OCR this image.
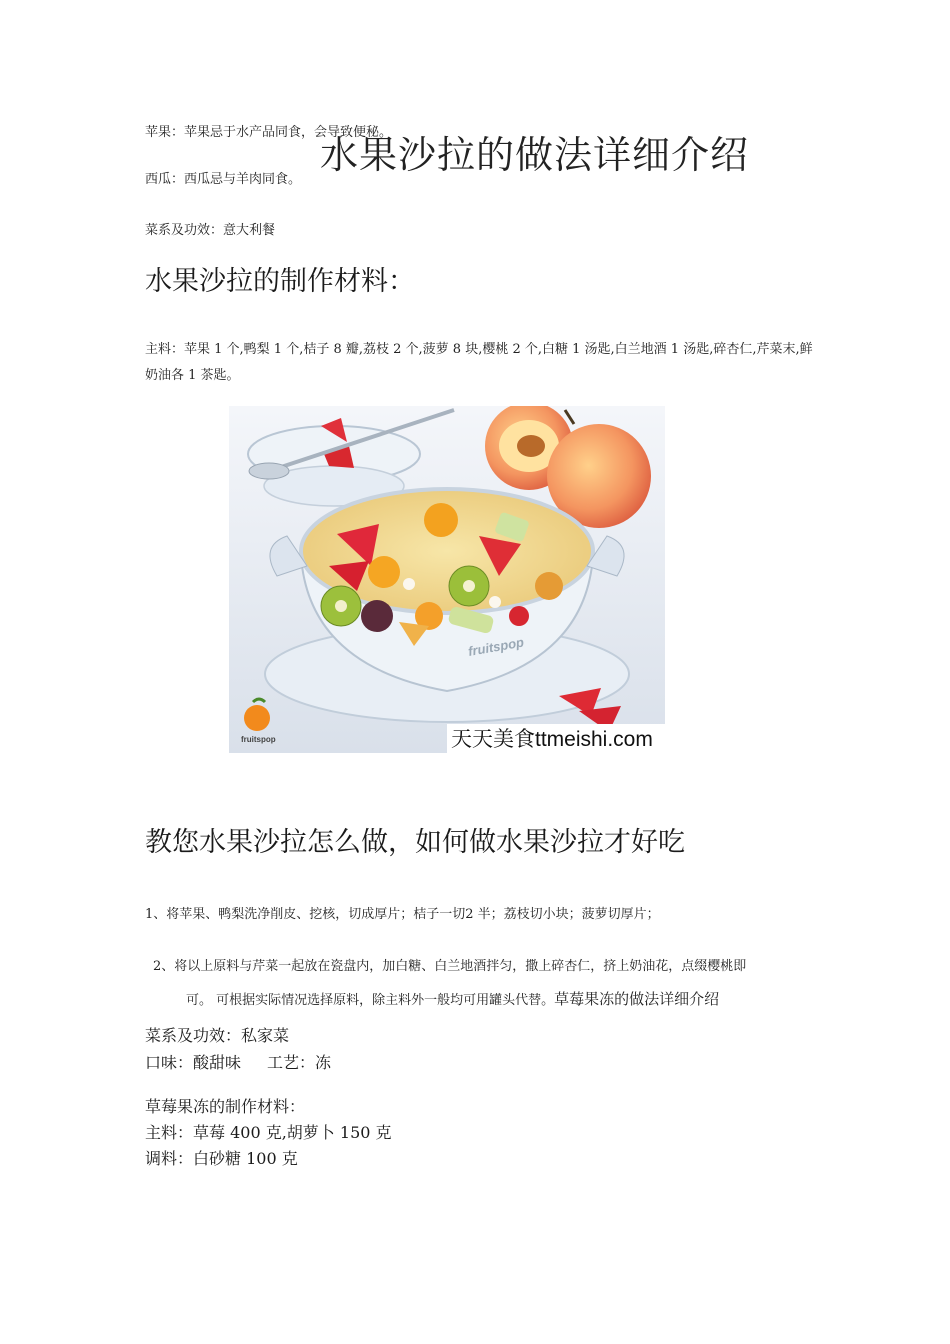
苹果：苹果忌于水产品同食，会导致便秘。
水果沙拉的做法详细介绍
西瓜：西瓜忌与羊肉同食。
菜系及功效：意大利餐
水果沙拉的制作材料：
主料：苹果 1 个,鸭梨 1 个,桔子 8 瓣,荔枝 2 个,菠萝 8 块,樱桃 2 个,白糖 1 汤匙,白兰地酒 1 汤匙,碎杏仁,芹菜末,鲜奶油各 1 茶匙。
fruitspop
fruitspop	天天美食ttmeishi.com
教您水果沙拉怎么做，如何做水果沙拉才好吃
1、将苹果、鸭梨洗净削皮、挖核，切成厚片；桔子一切2 半；荔枝切小块；菠萝切厚片；
2、将以上原料与芹菜一起放在瓷盘内，加白糖、白兰地酒拌匀，撒上碎杏仁，挤上奶油花，点缀樱桃即
可。 可根据实际情况选择原料，除主料外一般均可用罐头代替。草莓果冻的做法详细介绍
菜系及功效：私家菜
口味：酸甜味 工艺：冻
草莓果冻的制作材料：
主料：草莓 400 克,胡萝卜 150 克
调料：白砂糖 100 克
